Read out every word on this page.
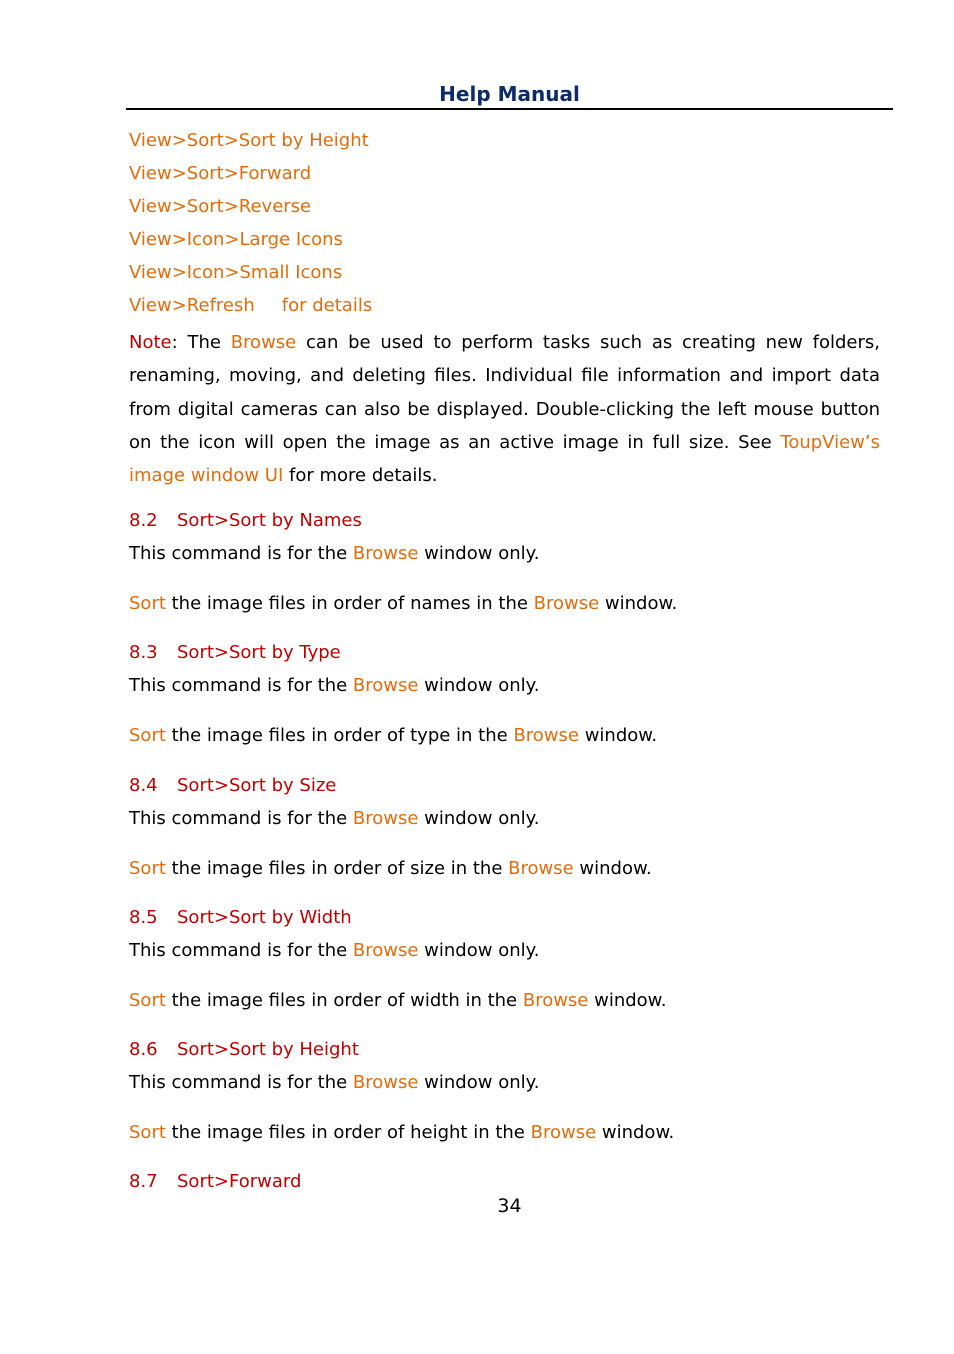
Help Manual
View>Sort>Sort by Height
View>Sort>Forward
View>Sort>Reverse
View>Icon>Large Icons
View>Icon>Small Icons
View>Refresh for details

Note: The Browse can be used to perform tasks such as creating new folders, renaming, moving, and deleting files. Individual file information and import data from digital cameras can also be displayed. Double-clicking the left mouse button on the icon will open the image as an active image in full size. See ToupView’s image window UI for more details.

8.2 Sort>Sort by Names
This command is for the Browse window only.
Sort the image files in order of names in the Browse window.
8.3 Sort>Sort by Type
This command is for the Browse window only.
Sort the image files in order of type in the Browse window.
8.4 Sort>Sort by Size
This command is for the Browse window only.
Sort the image files in order of size in the Browse window.
8.5 Sort>Sort by Width
This command is for the Browse window only.
Sort the image files in order of width in the Browse window.
8.6 Sort>Sort by Height
This command is for the Browse window only.
Sort the image files in order of height in the Browse window.
8.7 Sort>Forward
34
